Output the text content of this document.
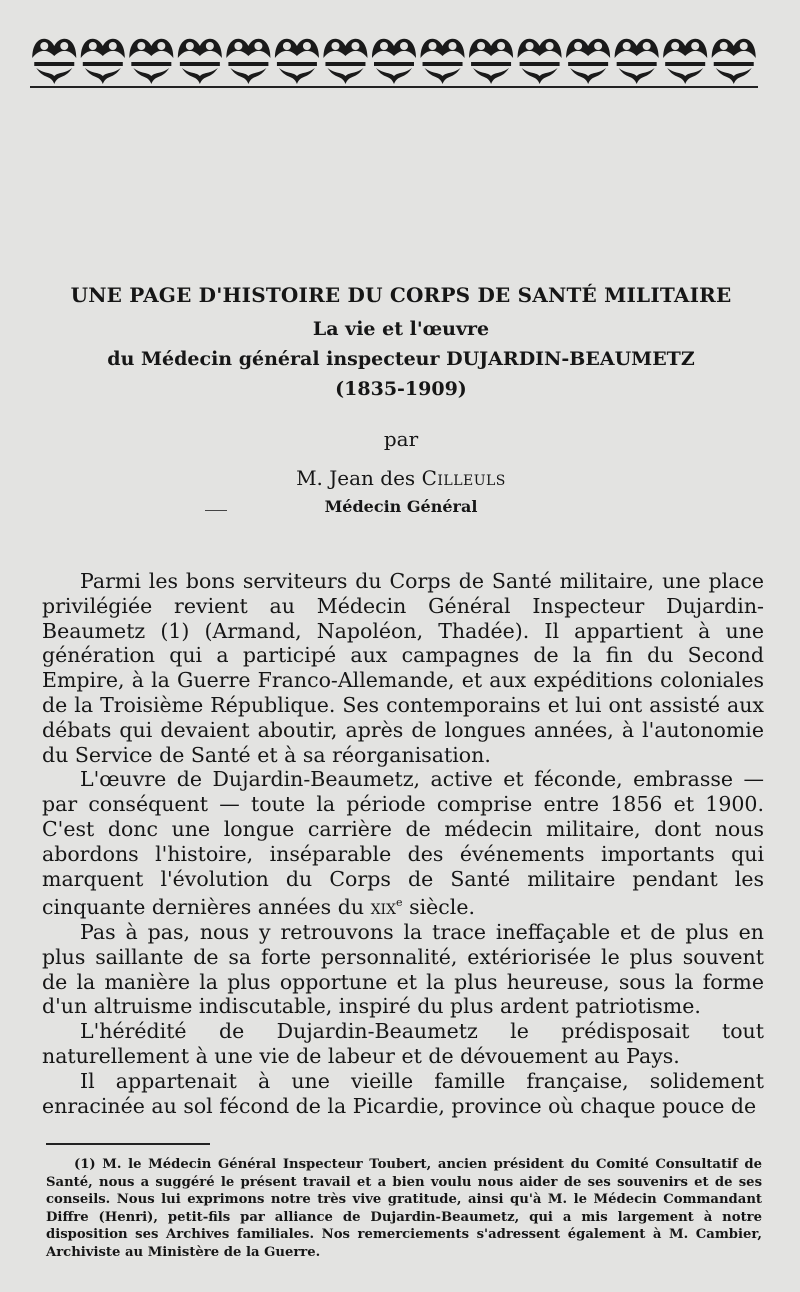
UNE PAGE D'HISTOIRE DU CORPS DE SANTÉ MILITAIRE
La vie et l'œuvre
du Médecin général inspecteur DUJARDIN-BEAUMETZ
(1835-1909)
par
M. Jean des Cilleuls
Médecin Général

Parmi les bons serviteurs du Corps de Santé militaire, une place privilégiée revient au Médecin Général Inspecteur Dujardin-Beaumetz (1) (Armand, Napoléon, Thadée). Il appartient à une génération qui a participé aux campagnes de la fin du Second Empire, à la Guerre Franco-Allemande, et aux expéditions coloniales de la Troisième République. Ses contemporains et lui ont assisté aux débats qui devaient aboutir, après de longues années, à l'autonomie du Service de Santé et à sa réorganisation.

L'œuvre de Dujardin-Beaumetz, active et féconde, embrasse — par conséquent — toute la période comprise entre 1856 et 1900. C'est donc une longue carrière de médecin militaire, dont nous abordons l'histoire, inséparable des événements importants qui marquent l'évolution du Corps de Santé militaire pendant les cinquante dernières années du xix$^e$ siècle.

Pas à pas, nous y retrouvons la trace ineffaçable et de plus en plus saillante de sa forte personnalité, extériorisée le plus souvent de la manière la plus opportune et la plus heureuse, sous la forme d'un altruisme indiscutable, inspiré du plus ardent patriotisme.

L'hérédité de Dujardin-Beaumetz le prédisposait tout naturellement à une vie de labeur et de dévouement au Pays.

Il appartenait à une vieille famille française, solidement enracinée au sol fécond de la Picardie, province où chaque pouce de

(1) M. le Médecin Général Inspecteur Toubert, ancien président du Comité Consultatif de Santé, nous a suggéré le présent travail et a bien voulu nous aider de ses souvenirs et de ses conseils. Nous lui exprimons notre très vive gratitude, ainsi qu'à M. le Médecin Commandant Diffre (Henri), petit-fils par alliance de Dujardin-Beaumetz, qui a mis largement à notre disposition ses Archives familiales. Nos remerciements s'adressent également à M. Cambier, Archiviste au Ministère de la Guerre.
